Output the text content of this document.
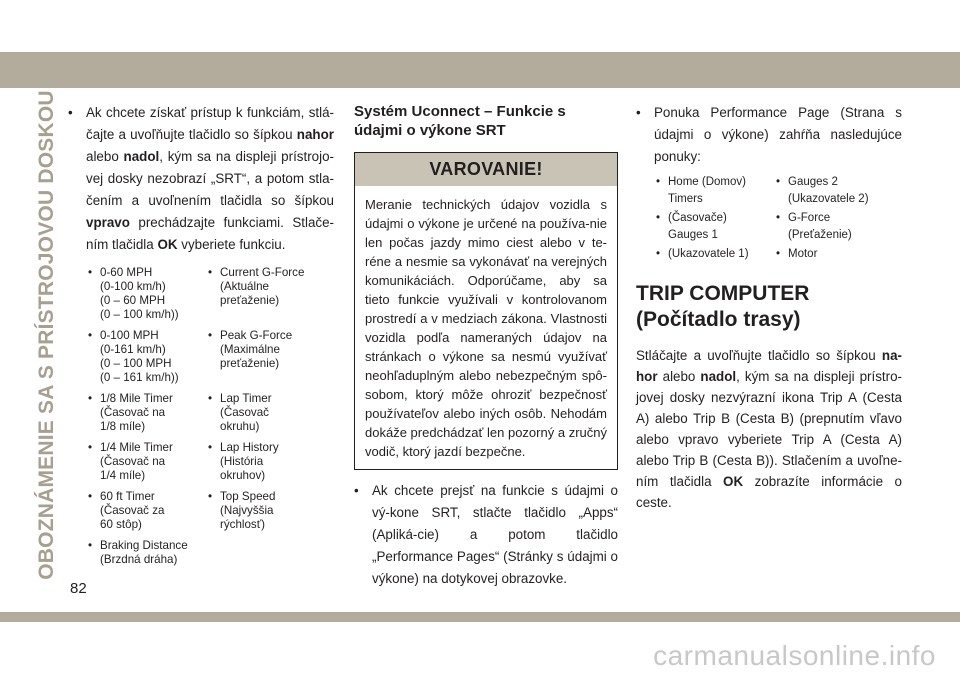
OBOZNÁMENIE SA S PRÍSTROJOVOU DOSKOU
•	Ak chcete získať prístup k funkciám, stlá-čajte a uvoľňujte tlačidlo so šípkou nahor alebo nadol, kým sa na displeji prístrojo-vej dosky nezobrazí „SRT“, a potom stla-čením a uvoľnením tlačidla so šípkou vpravo prechádzajte funkciami. Stlače-ním tlačidla OK vyberiete funkciu.
• 0-60 MPH
(0-100 km/h)
(0 – 60 MPH
(0 – 100 km/h))
• Current G-Force
(Aktuálne
preťaženie)
• 0-100 MPH
(0-161 km/h)
(0 – 100 MPH
(0 – 161 km/h))
• Peak G-Force
(Maximálne
preťaženie)
• 1/8 Mile Timer
(Časovač na
1/8 míle)
• Lap Timer
(Časovač
okruhu)
• 1/4 Mile Timer
(Časovač na
1/4 míle)
• Lap History
(História
okruhov)
• 60 ft Timer
(Časovač za
60 stôp)
• Top Speed
(Najvyššia
rýchlosť)
• Braking Distance
(Brzdná dráha)
Systém Uconnect – Funkcie s údajmi o výkone SRT
VAROVANIE!
Meranie technických údajov vozidla s údajmi o výkone je určené na používa-nie len počas jazdy mimo ciest alebo v te-réne a nesmie sa vykonávať na verejných komunikáciách. Odporúčame, aby sa tieto funkcie využívali v kontrolovanom prostredí a v medziach zákona. Vlastnosti vozidla podľa nameraných údajov na stránkach o výkone sa nesmú využívať neohľaduplným alebo nebezpečným spô-sobom, ktorý môže ohroziť bezpečnosť používateľov alebo iných osôb. Nehodám dokáže predchádzať len pozorný a zručný vodič, ktorý jazdí bezpečne.
• Ak chcete prejsť na funkcie s údajmi o vý-kone SRT, stlačte tlačidlo „Apps“ (Apliká-cie) a potom tlačidlo „Performance Pages“ (Stránky s údajmi o výkone) na dotykovej obrazovke.
• Ponuka Performance Page (Strana s údajmi o výkone) zahŕňa nasledujúce ponuky:
• Home (Domov)
Timers
• (Časovače)
Gauges 1
• (Ukazovatele 1)
• Gauges 2
(Ukazovatele 2)
• G-Force
(Preťaženie)
• Motor
TRIP COMPUTER
(Počítadlo trasy)
Stláčajte a uvoľňujte tlačidlo so šípkou na-hor alebo nadol, kým sa na displeji prístro-jovej dosky nezvýrazní ikona Trip A (Cesta A) alebo Trip B (Cesta B) (prepnutím vľavo alebo vpravo vyberiete Trip A (Cesta A) alebo Trip B (Cesta B)). Stlačením a uvoľne-ním tlačidla OK zobrazíte informácie o ceste.
82
carmanualsonline.info
